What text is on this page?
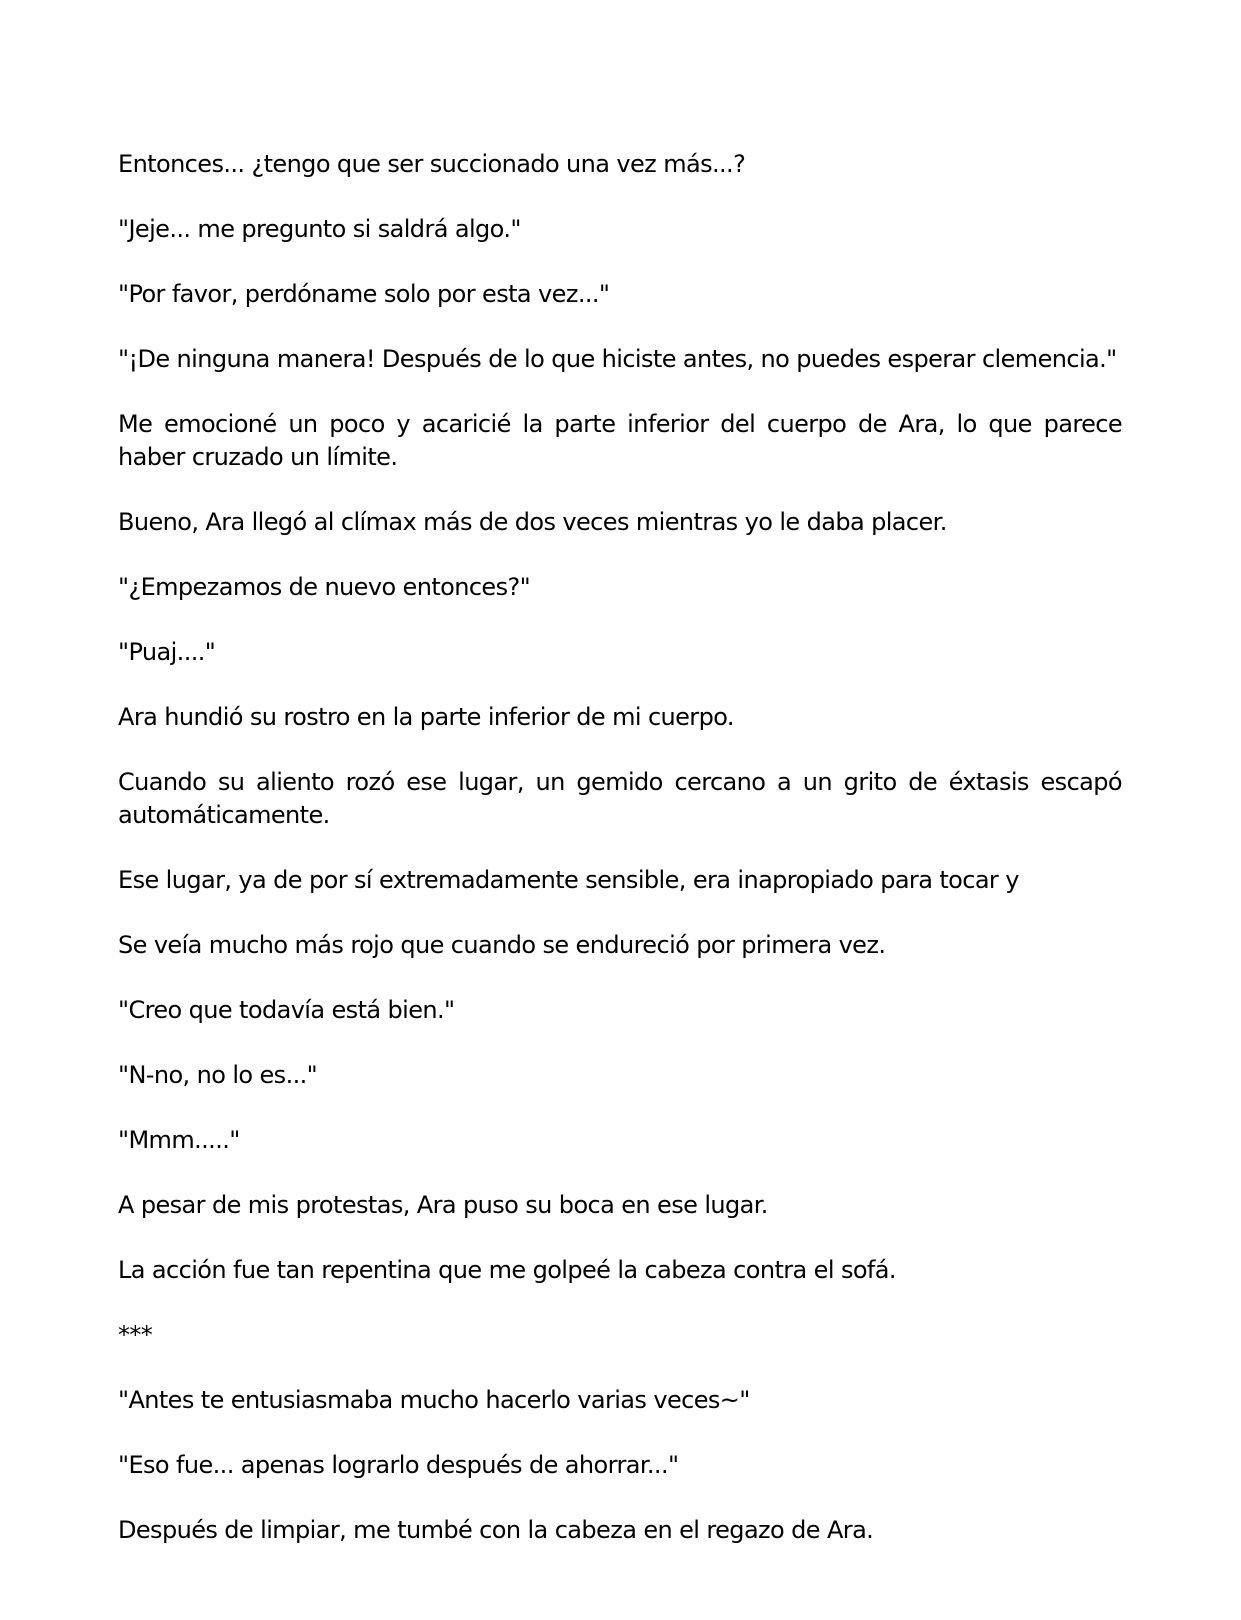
Entonces... ¿tengo que ser succionado una vez más...?

"Jeje... me pregunto si saldrá algo."

"Por favor, perdóname solo por esta vez..."

"¡De ninguna manera! Después de lo que hiciste antes, no puedes esperar clemencia."

Me emocioné un poco y acaricié la parte inferior del cuerpo de Ara, lo que parece haber cruzado un límite.

Bueno, Ara llegó al clímax más de dos veces mientras yo le daba placer.

"¿Empezamos de nuevo entonces?"

"Puaj...."

Ara hundió su rostro en la parte inferior de mi cuerpo.

Cuando su aliento rozó ese lugar, un gemido cercano a un grito de éxtasis escapó automáticamente.

Ese lugar, ya de por sí extremadamente sensible, era inapropiado para tocar y

Se veía mucho más rojo que cuando se endureció por primera vez.

"Creo que todavía está bien."

"N-no, no lo es..."

"Mmm....."

A pesar de mis protestas, Ara puso su boca en ese lugar.

La acción fue tan repentina que me golpeé la cabeza contra el sofá.

***

"Antes te entusiasmaba mucho hacerlo varias veces~"

"Eso fue... apenas lograrlo después de ahorrar..."

Después de limpiar, me tumbé con la cabeza en el regazo de Ara.
